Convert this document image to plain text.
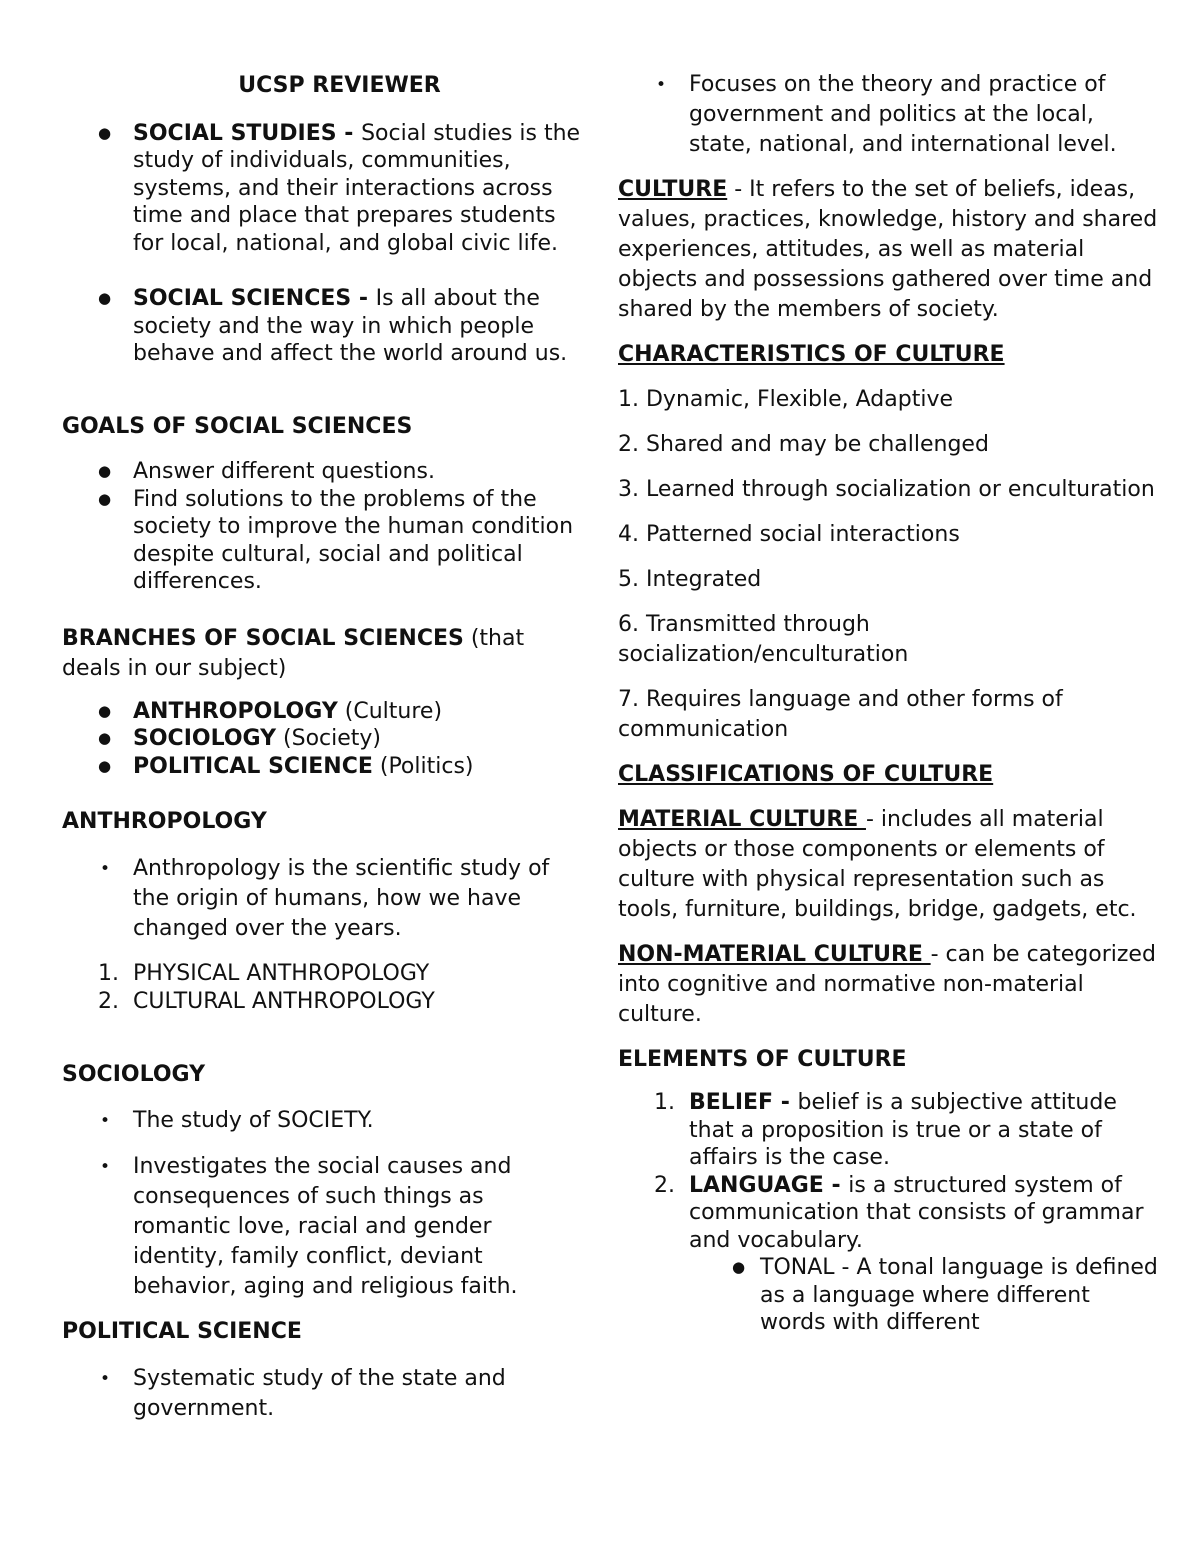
UCSP REVIEWER

● SOCIAL STUDIES - Social studies is the study of individuals, communities, systems, and their interactions across time and place that prepares students for local, national, and global civic life.
● SOCIAL SCIENCES - Is all about the society and the way in which people behave and affect the world around us.

GOALS OF SOCIAL SCIENCES

● Answer different questions.
● Find solutions to the problems of the society to improve the human condition despite cultural, social and political differences.

BRANCHES OF SOCIAL SCIENCES (that deals in our subject)

● ANTHROPOLOGY (Culture)
● SOCIOLOGY (Society)
● POLITICAL SCIENCE (Politics)

ANTHROPOLOGY

• Anthropology is the scientific study of the origin of humans, how we have changed over the years.
1. PHYSICAL ANTHROPOLOGY
2. CULTURAL ANTHROPOLOGY

SOCIOLOGY

• The study of SOCIETY.
• Investigates the social causes and consequences of such things as romantic love, racial and gender identity, family conflict, deviant behavior, aging and religious faith.

POLITICAL SCIENCE

• Systematic study of the state and government.
• Focuses on the theory and practice of government and politics at the local, state, national, and international level.

CULTURE - It refers to the set of beliefs, ideas, values, practices, knowledge, history and shared experiences, attitudes, as well as material objects and possessions gathered over time and shared by the members of society.

CHARACTERISTICS OF CULTURE

1. Dynamic, Flexible, Adaptive

2. Shared and may be challenged

3. Learned through socialization or enculturation

4. Patterned social interactions

5. Integrated

6. Transmitted through socialization/enculturation

7. Requires language and other forms of communication

CLASSIFICATIONS OF CULTURE

MATERIAL CULTURE - includes all material objects or those components or elements of culture with physical representation such as tools, furniture, buildings, bridge, gadgets, etc.

NON-MATERIAL CULTURE - can be categorized into cognitive and normative non-material culture.

ELEMENTS OF CULTURE

1. BELIEF - belief is a subjective attitude that a proposition is true or a state of affairs is the case.
2. LANGUAGE - is a structured system of communication that consists of grammar and vocabulary.
● TONAL - A tonal language is defined as a language where different words with different
